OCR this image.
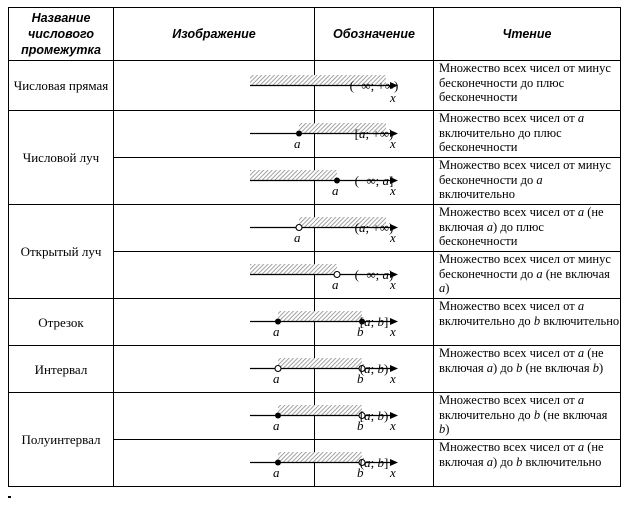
Название числового промежутка	Изображение	Обозначение	Чтение
Числовая прямая	x	(−∞; +∞)	Множество всех чисел от минус бесконечности до плюс бесконечности
Числовой луч	a x	[a; +∞)	Множество всех чисел от a включительно до плюс бесконечности

a x	(−∞; a]	Множество всех чисел от минус бесконечности до a включительно
Открытый луч	a x	(a; +∞)	Множество всех чисел от a (не включая a) до плюс бесконечности

a x	(−∞; a)	Множество всех чисел от минус бесконечности до a (не включая a)
Отрезок	a b x	[a; b]	Множество всех чисел от a включительно до b включительно
Интервал	a b x	(a; b)	Множество всех чисел от a (не включая a) до b (не включая b)
Полуинтервал	a b x	[a; b)	Множество всех чисел от a включительно до b (не включая b)

a b x	(a; b]	Множество всех чисел от a (не включая a) до b включительно
